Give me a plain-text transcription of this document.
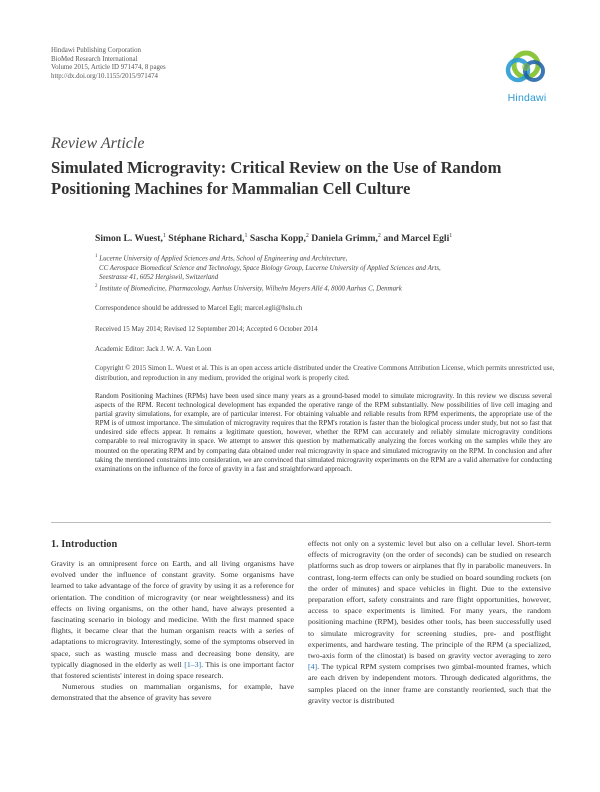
Hindawi Publishing Corporation
BioMed Research International
Volume 2015, Article ID 971474, 8 pages
http://dx.doi.org/10.1155/2015/971474
Hindawi
Review Article
Simulated Microgravity: Critical Review on the Use of Random Positioning Machines for Mammalian Cell Culture
Simon L. Wuest,$^1$ Stéphane Richard,$^1$ Sascha Kopp,$^2$ Daniela Grimm,$^2$ and Marcel Egli$^1$
$^1$ Lucerne University of Applied Sciences and Arts, School of Engineering and Architecture,
CC Aerospace Biomedical Science and Technology, Space Biology Group, Lucerne University of Applied Sciences and Arts,
Seestrasse 41, 6052 Hergiswil, Switzerland
$^2$ Institute of Biomedicine, Pharmacology, Aarhus University, Wilhelm Meyers Allé 4, 8000 Aarhus C, Denmark
Correspondence should be addressed to Marcel Egli; marcel.egli@hslu.ch
Received 15 May 2014; Revised 12 September 2014; Accepted 6 October 2014
Academic Editor: Jack J. W. A. Van Loon
Copyright © 2015 Simon L. Wuest et al. This is an open access article distributed under the Creative Commons Attribution License, which permits unrestricted use, distribution, and reproduction in any medium, provided the original work is properly cited.
Random Positioning Machines (RPMs) have been used since many years as a ground-based model to simulate microgravity. In this review we discuss several aspects of the RPM. Recent technological development has expanded the operative range of the RPM substantially. New possibilities of live cell imaging and partial gravity simulations, for example, are of particular interest. For obtaining valuable and reliable results from RPM experiments, the appropriate use of the RPM is of utmost importance. The simulation of microgravity requires that the RPM's rotation is faster than the biological process under study, but not so fast that undesired side effects appear. It remains a legitimate question, however, whether the RPM can accurately and reliably simulate microgravity conditions comparable to real microgravity in space. We attempt to answer this question by mathematically analyzing the forces working on the samples while they are mounted on the operating RPM and by comparing data obtained under real microgravity in space and simulated microgravity on the RPM. In conclusion and after taking the mentioned constraints into consideration, we are convinced that simulated microgravity experiments on the RPM are a valid alternative for conducting examinations on the influence of the force of gravity in a fast and straightforward approach.
1. Introduction

Gravity is an omnipresent force on Earth, and all living organisms have evolved under the influence of constant gravity. Some organisms have learned to take advantage of the force of gravity by using it as a reference for orientation. The condition of microgravity (or near weightlessness) and its effects on living organisms, on the other hand, have always presented a fascinating scenario in biology and medicine. With the first manned space flights, it became clear that the human organism reacts with a series of adaptations to microgravity. Interestingly, some of the symptoms observed in space, such as wasting muscle mass and decreasing bone density, are typically diagnosed in the elderly as well [1–3]. This is one important factor that fostered scientists' interest in doing space research.

Numerous studies on mammalian organisms, for example, have demonstrated that the absence of gravity has severe

effects not only on a systemic level but also on a cellular level. Short-term effects of microgravity (on the order of seconds) can be studied on research platforms such as drop towers or airplanes that fly in parabolic maneuvers. In contrast, long-term effects can only be studied on board sounding rockets (on the order of minutes) and space vehicles in flight. Due to the extensive preparation effort, safety constraints and rare flight opportunities, however, access to space experiments is limited. For many years, the random positioning machine (RPM), besides other tools, has been successfully used to simulate microgravity for screening studies, pre- and postflight experiments, and hardware testing. The principle of the RPM (a specialized, two-axis form of the clinostat) is based on gravity vector averaging to zero [4]. The typical RPM system comprises two gimbal-mounted frames, which are each driven by independent motors. Through dedicated algorithms, the samples placed on the inner frame are constantly reoriented, such that the gravity vector is distributed
